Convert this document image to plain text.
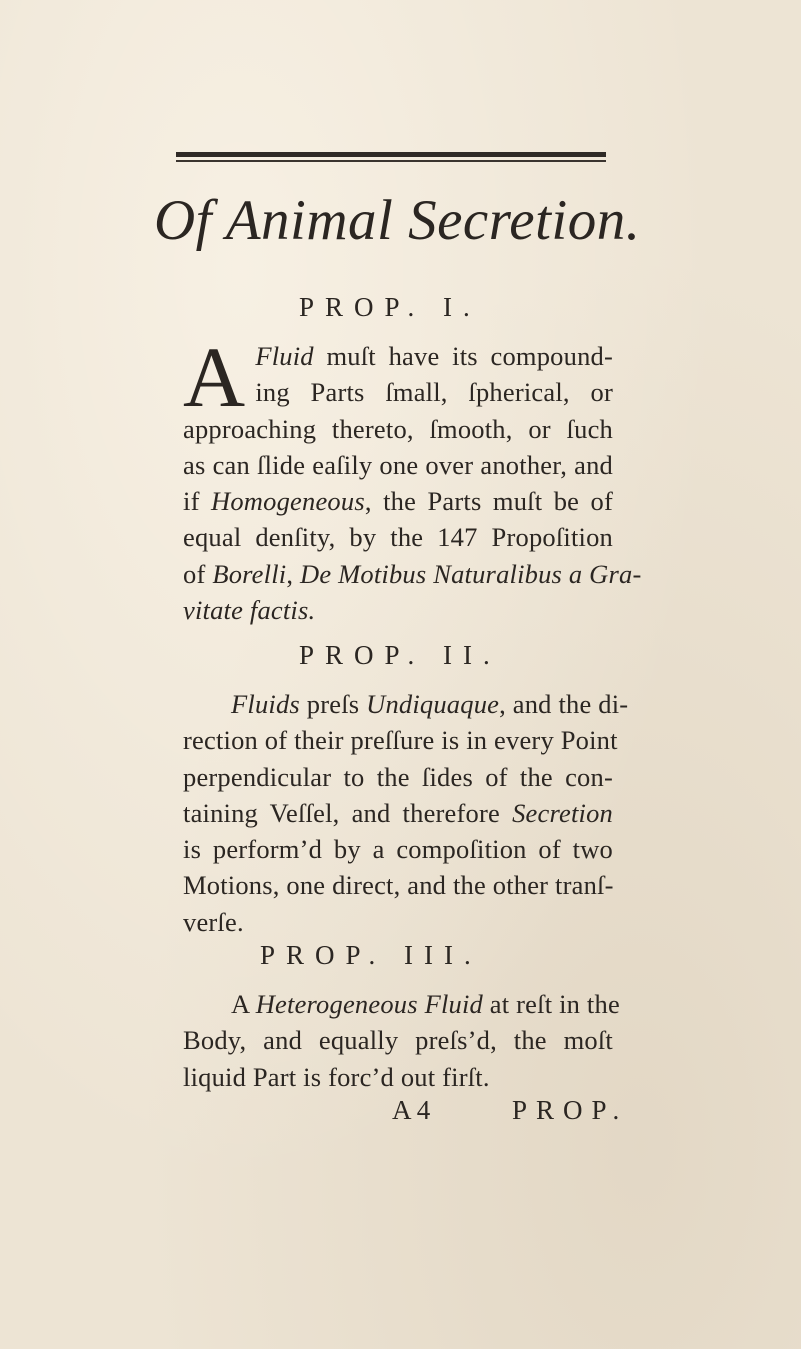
Of Animal Secretion.
PROP. I.
A Fluid muſt have its compound-
ing Parts ſmall, ſpherical, or
approaching thereto, ſmooth, or ſuch
as can ſlide eaſily one over another, and
if Homogeneous, the Parts muſt be of
equal denſity, by the 147 Propoſition
of Borelli, De Motibus Naturalibus a Gra-
vitate factis.
PROP. II.
Fluids preſs Undiquaque, and the di-
rection of their preſſure is in every Point
perpendicular to the ſides of the con-
taining Veſſel, and therefore Secretion
is perform’d by a compoſition of two
Motions, one direct, and the other tranſ-
verſe.
PROP. III.
A Heterogeneous Fluid at reſt in the
Body, and equally preſs’d, the moſt
liquid Part is forc’d out firſt.
A 4	PROP.
